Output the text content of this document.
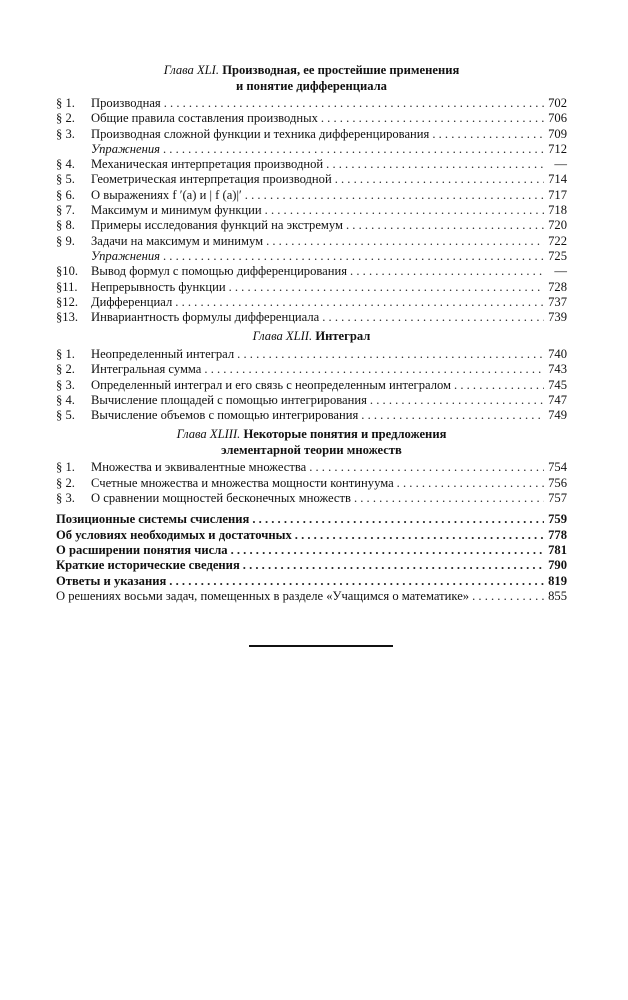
Глава XLI. Производная, ее простейшие применения
и понятие дифференциала
§ 1.	Производная . . .	702
§ 2.	Общие правила составления производных . . .	706
§ 3.	Производная сложной функции и техника дифференцирования . . .	709
Упражнения . . .	712
§ 4.	Механическая интерпретация производной . . .	—
§ 5.	Геометрическая интерпретация производной . . .	714
§ 6.	О выражениях f ′(a) и | f (a)|′ . . .	717
§ 7.	Максимум и минимум функции . . .	718
§ 8.	Примеры исследования функций на экстремум . . .	720
§ 9.	Задачи на максимум и минимум . . .	722
Упражнения . . .	725
§10.	Вывод формул с помощью дифференцирования . . .	—
§11.	Непрерывность функции . . .	728
§12.	Дифференциал . . .	737
§13.	Инвариантность формулы дифференциала . . .	739
Глава XLII. Интеграл
§ 1.	Неопределенный интеграл . . .	740
§ 2.	Интегральная сумма . . .	743
§ 3.	Определенный интеграл и его связь с неопределенным интегралом . . .	745
§ 4.	Вычисление площадей с помощью интегрирования . . .	747
§ 5.	Вычисление объемов с помощью интегрирования . . .	749
Глава XLIII. Некоторые понятия и предложения
элементарной теории множеств
§ 1.	Множества и эквивалентные множества . . .	754
§ 2.	Счетные множества и множества мощности континуума . . .	756
§ 3.	О сравнении мощностей бесконечных множеств . . .	757
Позиционные системы счисления . . .	759
Об условиях необходимых и достаточных . . .	778
О расширении понятия числа . . .	781
Краткие исторические сведения . . .	790
Ответы и указания . . .	819
О решениях восьми задач, помещенных в разделе «Учащимся о математике» . . .	855
